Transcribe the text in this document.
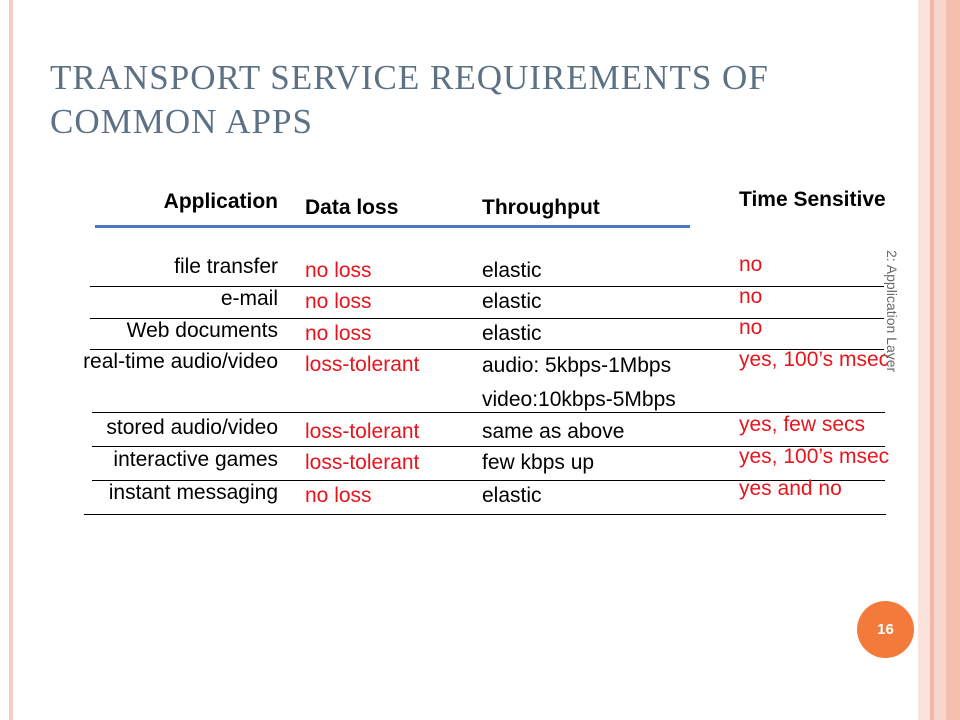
TRANSPORT SERVICE REQUIREMENTS OF COMMON APPS
Application Data loss	Throughput	Time Sensitive
file transfer
e-mail
Web documents
real-time audio/video
stored audio/video
interactive games
instant messaging
no loss
no loss
no loss
loss-tolerant
loss-tolerant
loss-tolerant
no loss
elastic
elastic
elastic
audio: 5kbps-1Mbps
video:10kbps-5Mbps
same as above
few kbps up
elastic
no
no
no
yes, 100’s msec
yes, few secs
yes, 100’s msec
yes and no
2: Application Layer
16
